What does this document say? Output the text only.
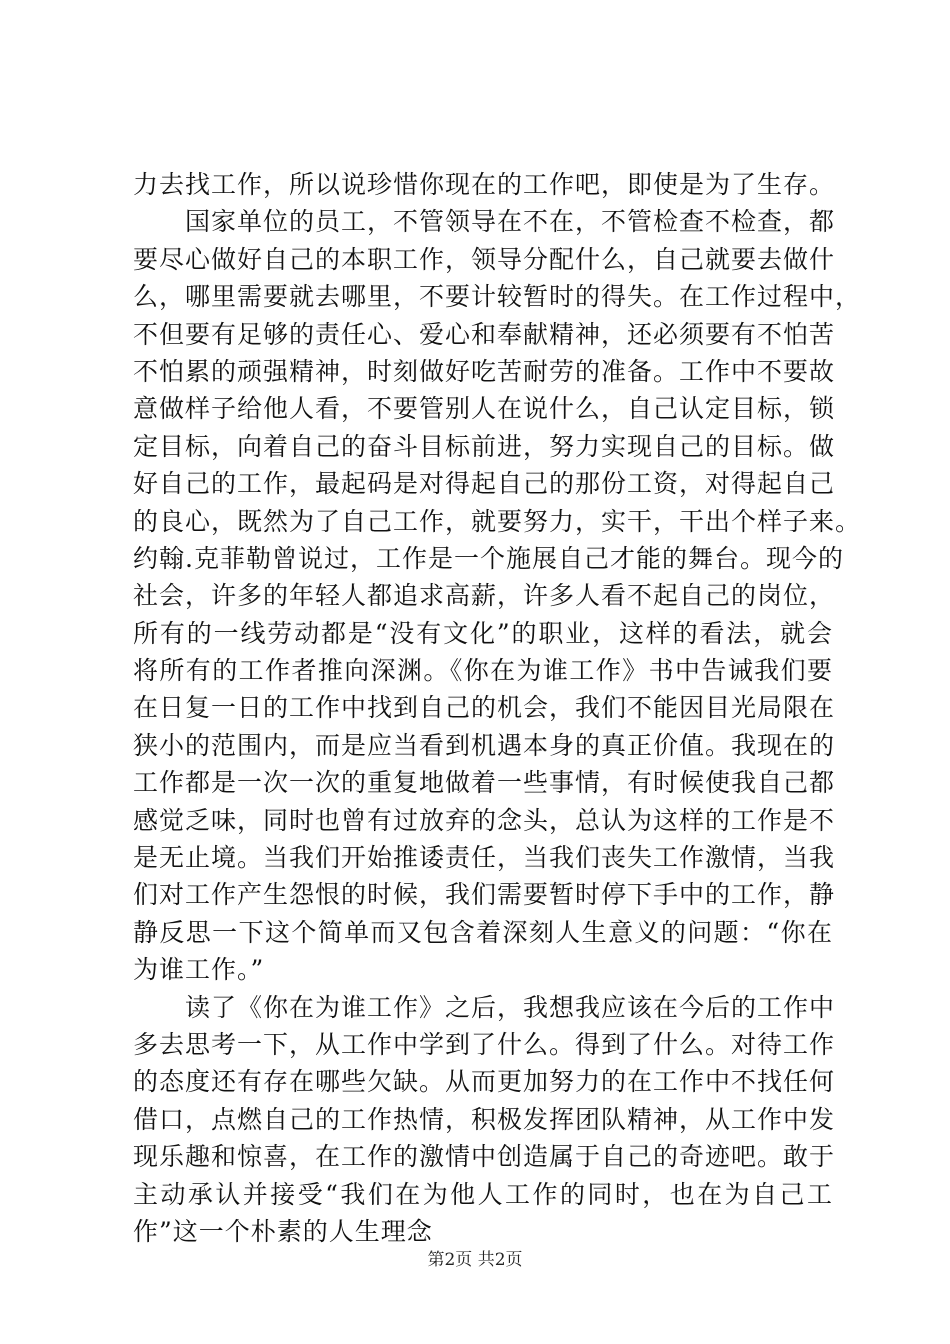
力去找工作，所以说珍惜你现在的工作吧，即使是为了生存。
　　国家单位的员工，不管领导在不在，不管检查不检查，都
要尽心做好自己的本职工作，领导分配什么，自己就要去做什
么，哪里需要就去哪里，不要计较暂时的得失。在工作过程中，
不但要有足够的责任心、爱心和奉献精神，还必须要有不怕苦
不怕累的顽强精神，时刻做好吃苦耐劳的准备。工作中不要故
意做样子给他人看，不要管别人在说什么，自己认定目标，锁
定目标，向着自己的奋斗目标前进，努力实现自己的目标。做
好自己的工作，最起码是对得起自己的那份工资，对得起自己
的良心，既然为了自己工作，就要努力，实干，干出个样子来。
约翰.克菲勒曾说过，工作是一个施展自己才能的舞台。现今的
社会，许多的年轻人都追求高薪，许多人看不起自己的岗位，
所有的一线劳动都是“没有文化”的职业，这样的看法，就会
将所有的工作者推向深渊。《你在为谁工作》书中告诫我们要
在日复一日的工作中找到自己的机会，我们不能因目光局限在
狭小的范围内，而是应当看到机遇本身的真正价值。我现在的
工作都是一次一次的重复地做着一些事情，有时候使我自己都
感觉乏味，同时也曾有过放弃的念头，总认为这样的工作是不
是无止境。当我们开始推诿责任，当我们丧失工作激情，当我
们对工作产生怨恨的时候，我们需要暂时停下手中的工作，静
静反思一下这个简单而又包含着深刻人生意义的问题：“你在
为谁工作。”
　　读了《你在为谁工作》之后，我想我应该在今后的工作中
多去思考一下，从工作中学到了什么。得到了什么。对待工作
的态度还有存在哪些欠缺。从而更加努力的在工作中不找任何
借口，点燃自己的工作热情，积极发挥团队精神，从工作中发
现乐趣和惊喜，在工作的激情中创造属于自己的奇迹吧。敢于
主动承认并接受“我们在为他人工作的同时，也在为自己工
作”这一个朴素的人生理念
第2页 共2页
